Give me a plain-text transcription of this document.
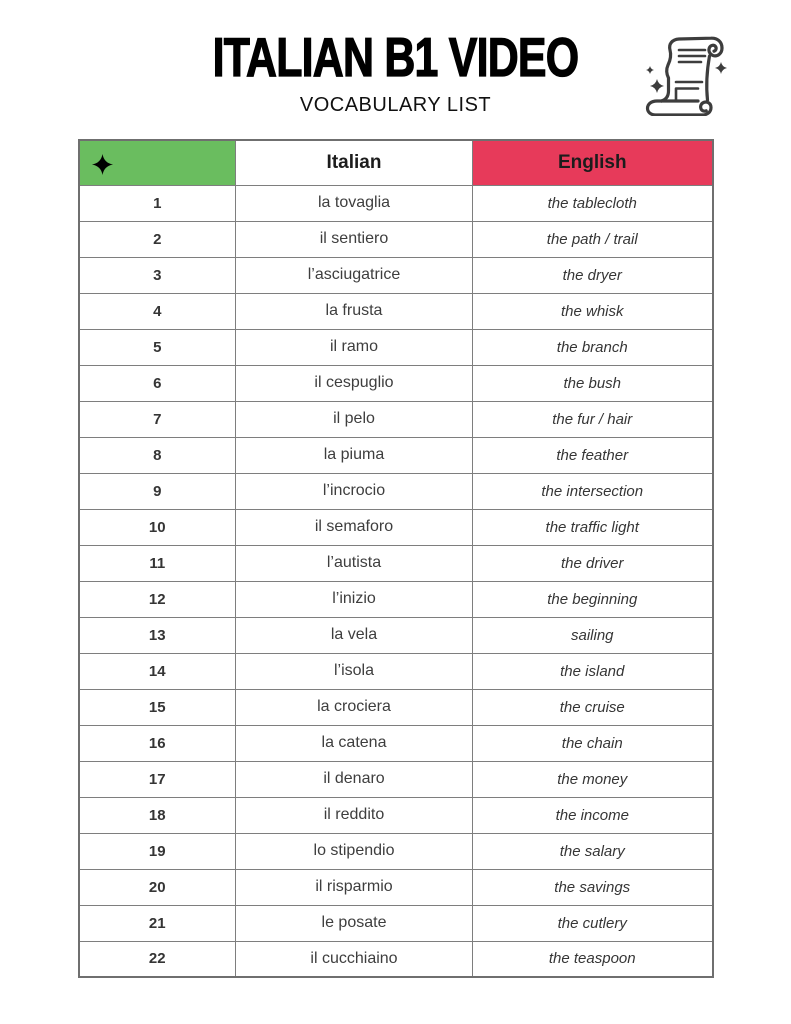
ITALIAN B1 VIDEO
VOCABULARY LIST
	Italian	English
1	la tovaglia	the tablecloth
2	il sentiero	the path / trail
3	l’asciugatrice	the dryer
4	la frusta	the whisk
5	il ramo	the branch
6	il cespuglio	the bush
7	il pelo	the fur / hair
8	la piuma	the feather
9	l’incrocio	the intersection
10	il semaforo	the traffic light
11	l’autista	the driver
12	l’inizio	the beginning
13	la vela	sailing
14	l’isola	the island
15	la crociera	the cruise
16	la catena	the chain
17	il denaro	the money
18	il reddito	the income
19	lo stipendio	the salary
20	il risparmio	the savings
21	le posate	the cutlery
22	il cucchiaino	the teaspoon
